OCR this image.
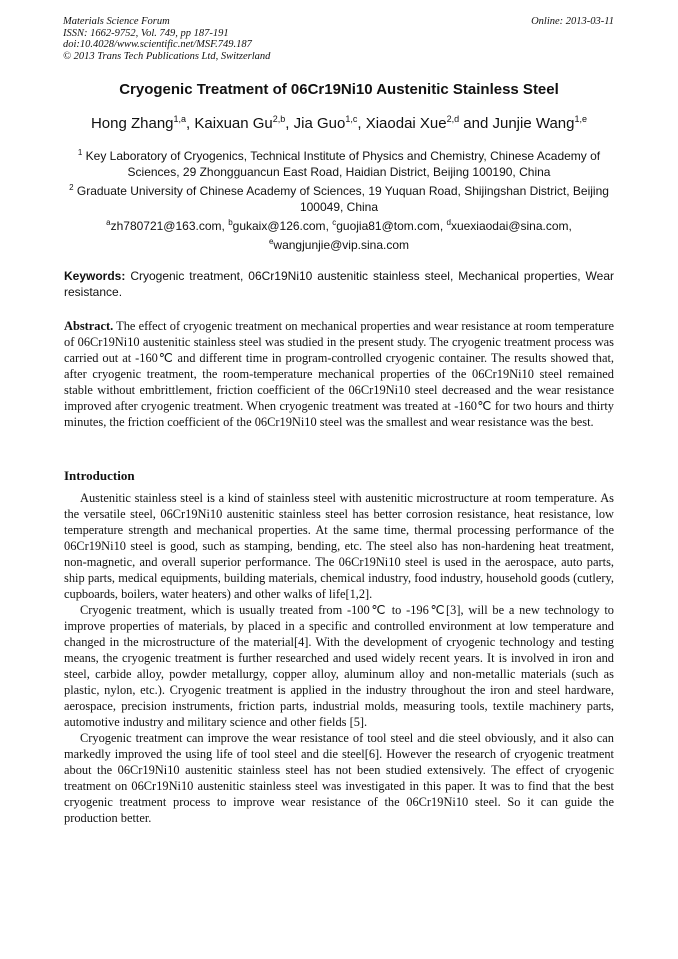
Materials Science Forum
ISSN: 1662-9752, Vol. 749, pp 187-191
doi:10.4028/www.scientific.net/MSF.749.187
© 2013 Trans Tech Publications Ltd, Switzerland
Online: 2013-03-11
Cryogenic Treatment of 06Cr19Ni10 Austenitic Stainless Steel
Hong Zhang$^{1,a}$, Kaixuan Gu$^{2,b}$, Jia Guo$^{1,c}$, Xiaodai Xue$^{2,d}$ and Junjie Wang$^{1,e}$
$^1$ Key Laboratory of Cryogenics, Technical Institute of Physics and Chemistry, Chinese Academy of Sciences, 29 Zhongguancun East Road, Haidian District, Beijing 100190, China
$^2$ Graduate University of Chinese Academy of Sciences, 19 Yuquan Road, Shijingshan District, Beijing 100049, China
$^a$zh780721@163.com, $^b$gukaix@126.com, $^c$guojia81@tom.com, $^d$xuexiaodai@sina.com,
$^e$wangjunjie@vip.sina.com
Keywords: Cryogenic treatment, 06Cr19Ni10 austenitic stainless steel, Mechanical properties, Wear resistance.

Abstract. The effect of cryogenic treatment on mechanical properties and wear resistance at room temperature of 06Cr19Ni10 austenitic stainless steel was studied in the present study. The cryogenic treatment process was carried out at -160℃ and different time in program-controlled cryogenic container. The results showed that, after cryogenic treatment, the room-temperature mechanical properties of the 06Cr19Ni10 steel remained stable without embrittlement, friction coefficient of the 06Cr19Ni10 steel decreased and the wear resistance improved after cryogenic treatment. When cryogenic treatment was treated at -160℃ for two hours and thirty minutes, the friction coefficient of the 06Cr19Ni10 steel was the smallest and wear resistance was the best.

Introduction

Austenitic stainless steel is a kind of stainless steel with austenitic microstructure at room temperature. As the versatile steel, 06Cr19Ni10 austenitic stainless steel has better corrosion resistance, heat resistance, low temperature strength and mechanical properties. At the same time, thermal processing performance of the 06Cr19Ni10 steel is good, such as stamping, bending, etc. The steel also has non-hardening heat treatment, non-magnetic, and overall superior performance. The 06Cr19Ni10 steel is used in the aerospace, auto parts, ship parts, medical equipments, building materials, chemical industry, food industry, household goods (cutlery, cupboards, boilers, water heaters) and other walks of life[1,2].

Cryogenic treatment, which is usually treated from -100℃ to -196℃[3], will be a new technology to improve properties of materials, by placed in a specific and controlled environment at low temperature and changed in the microstructure of the material[4]. With the development of cryogenic technology and testing means, the cryogenic treatment is further researched and used widely recent years. It is involved in iron and steel, carbide alloy, powder metallurgy, copper alloy, aluminum alloy and non-metallic materials (such as plastic, nylon, etc.). Cryogenic treatment is applied in the industry throughout the iron and steel hardware, aerospace, precision instruments, friction parts, industrial molds, measuring tools, textile machinery parts, automotive industry and military science and other fields [5].

Cryogenic treatment can improve the wear resistance of tool steel and die steel obviously, and it also can markedly improved the using life of tool steel and die steel[6]. However the research of cryogenic treatment about the 06Cr19Ni10 austenitic stainless steel has not been studied extensively. The effect of cryogenic treatment on 06Cr19Ni10 austenitic stainless steel was investigated in this paper. It was to find that the best cryogenic treatment process to improve wear resistance of the 06Cr19Ni10 steel. So it can guide the production better.
